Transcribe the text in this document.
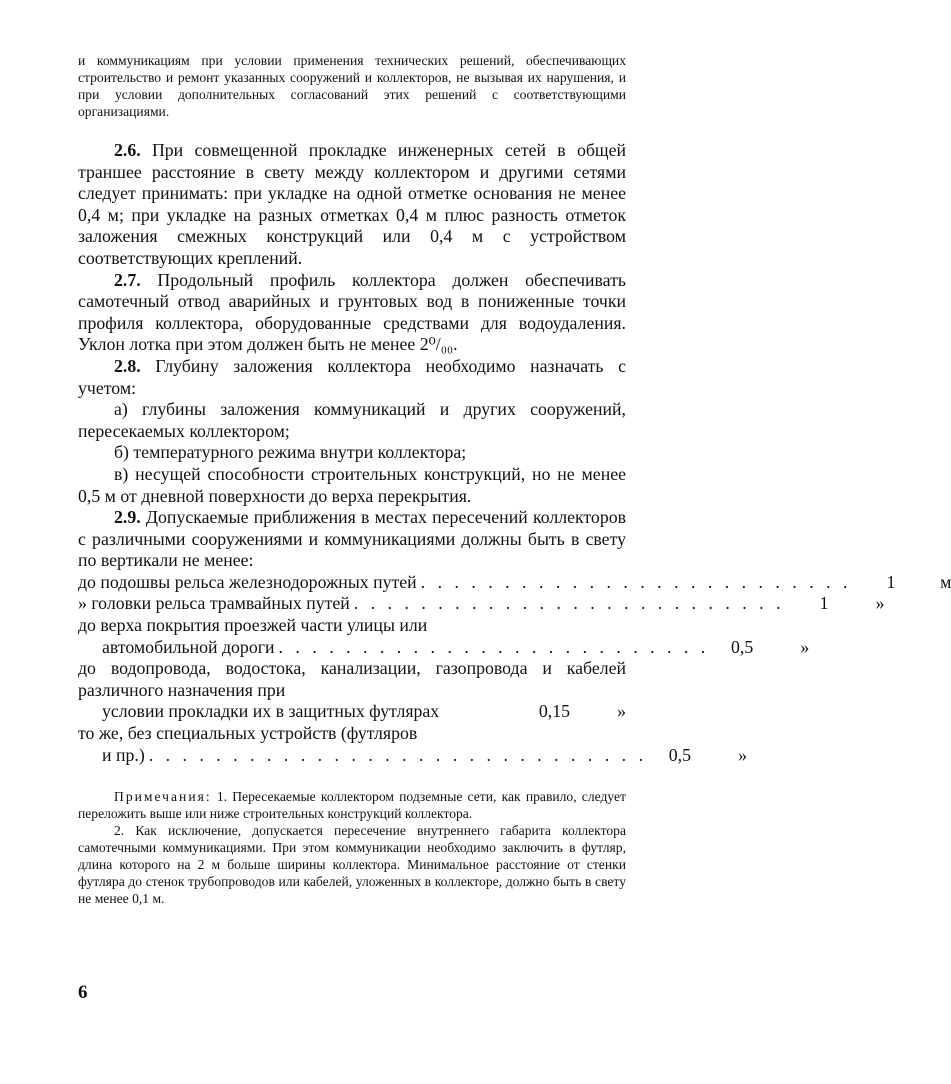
и коммуникациям при условии применения технических решений, обеспечивающих строительство и ремонт указанных сооружений и коллекторов, не вызывая их нарушения, и при условии дополнительных согласований этих решений с соответствующими организациями.

2.6. При совмещенной прокладке инженерных сетей в общей траншее расстояние в свету между коллектором и другими сетями следует принимать: при укладке на одной отметке основания не менее 0,4 м; при укладке на разных отметках 0,4 м плюс разность отметок заложения смежных конструкций или 0,4 м с устройством соответствующих креплений.

2.7. Продольный профиль коллектора должен обеспечивать самотечный отвод аварийных и грунтовых вод в пониженные точки профиля коллектора, оборудованные средствами для водоудаления. Уклон лотка при этом должен быть не менее 2⁰/₀₀.

2.8. Глубину заложения коллектора необходимо назначать с учетом:

а) глубины заложения коммуникаций и других сооружений, пересекаемых коллектором;

б) температурного режима внутри коллектора;

в) несущей способности строительных конструкций, но не менее 0,5 м от дневной поверхности до верха перекрытия.

2.9. Допускаемые приближения в местах пересечений коллекторов с различными сооружениями и коммуникациями должны быть в свету по вертикали не менее:

до подошвы рельса железнодорожных путей . . . . . . . . . . . . . . . . . . . . . . . . . .	1	м
» головки рельса трамвайных путей . . . . . . . . . . . . . . . . . . . . . . . . . .	1	»
до верха покрытия проезжей части улицы или
автомобильной дороги . . . . . . . . . . . . . . . . . . . . . . . . . .	0,5	»
до водопровода, водостока, канализации, газопровода и кабелей различного назначения при
условии прокладки их в защитных футлярах	0,15	»
то же, без специальных устройств (футляров
и пр.) . . . . . . . . . . . . . . . . . . . . . . . . . . . . . .	0,5	»

Примечания: 1. Пересекаемые коллектором подземные сети, как правило, следует переложить выше или ниже строительных конструкций коллектора.

2. Как исключение, допускается пересечение внутреннего габарита коллектора самотечными коммуникациями. При этом коммуникации необходимо заключить в футляр, длина которого на 2 м больше ширины коллектора. Минимальное расстояние от стенки футляра до стенок трубопроводов или кабелей, уложенных в коллекторе, должно быть в свету не менее 0,1 м.

6
